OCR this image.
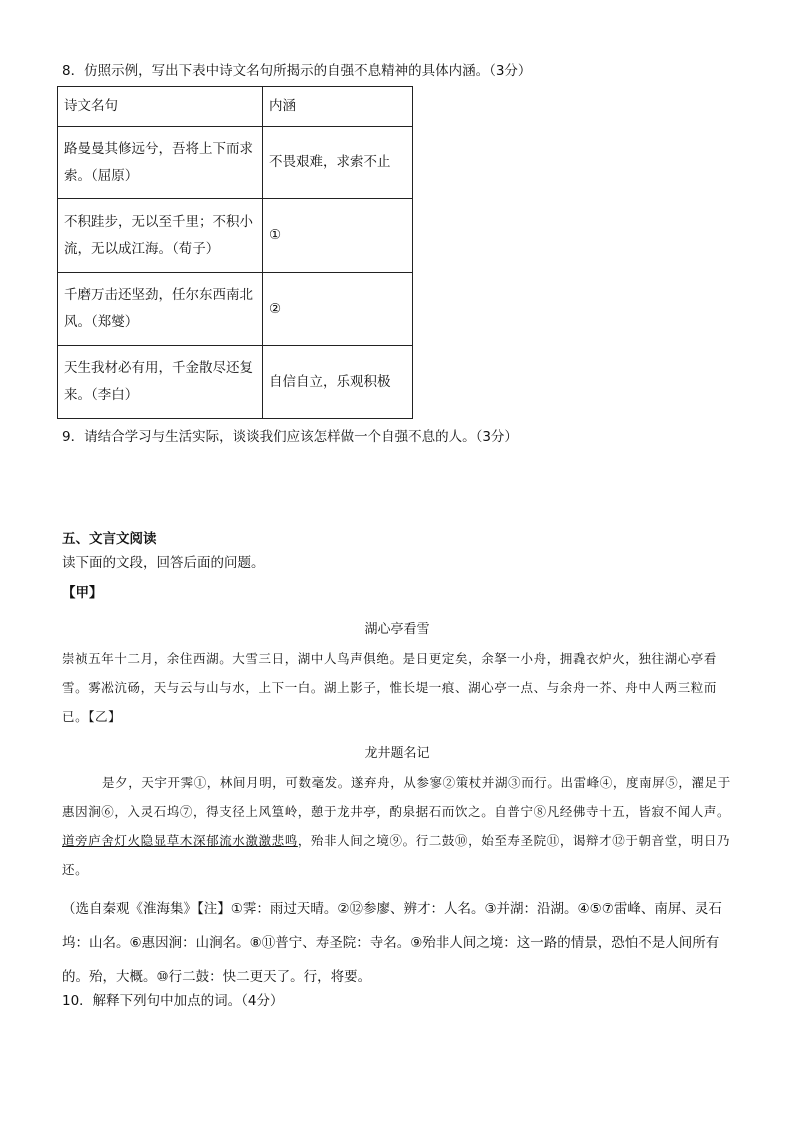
8．仿照示例，写出下表中诗文名句所揭示的自强不息精神的具体内涵。（3分）
诗文名句	内涵
路曼曼其修远兮，吾将上下而求索。（屈原）	不畏艰难，求索不止
不积跬步，无以至千里；不积小流，无以成江海。（荀子）	①
千磨万击还坚劲，任尔东西南北风。（郑燮）	②
天生我材必有用，千金散尽还复来。（李白）	自信自立，乐观积极
9．请结合学习与生活实际，谈谈我们应该怎样做一个自强不息的人。（3分）
五、文言文阅读
读下面的文段，回答后面的问题。
【甲】
湖心亭看雪
崇祯五年十二月，余住西湖。大雪三日，湖中人鸟声俱绝。是日更定矣，余拏一小舟，拥毳衣炉火，独往湖心亭看雪。雾凇沆砀，天与云与山与水，上下一白。湖上影子，惟长堤一痕、湖心亭一点、与余舟一芥、舟中人两三粒而已。【乙】
龙井题名记
是夕，天宇开霁①，林间月明，可数毫发。遂弃舟，从参寥②策杖并湖③而行。出雷峰④，度南屏⑤，濯足于惠因涧⑥，入灵石坞⑦，得支径上风篁岭，憩于龙井亭，酌泉据石而饮之。自普宁⑧凡经佛寺十五，皆寂不闻人声。道旁庐舍灯火隐显草木深郁流水激激悲鸣，殆非人间之境⑨。行二鼓⑩，始至寿圣院⑪，谒辩才⑫于朝音堂，明日乃还。
（选自秦观《淮海集》【注】①霁：雨过天晴。②⑫参廖、辨才：人名。③并湖：沿湖。④⑤⑦雷峰、南屏、灵石坞：山名。⑥惠因涧：山涧名。⑧⑪普宁、寿圣院：寺名。⑨殆非人间之境：这一路的情景，恐怕不是人间所有的。殆，大概。⑩行二鼓：快二更天了。行，将要。
10．解释下列句中加点的词。（4分）
